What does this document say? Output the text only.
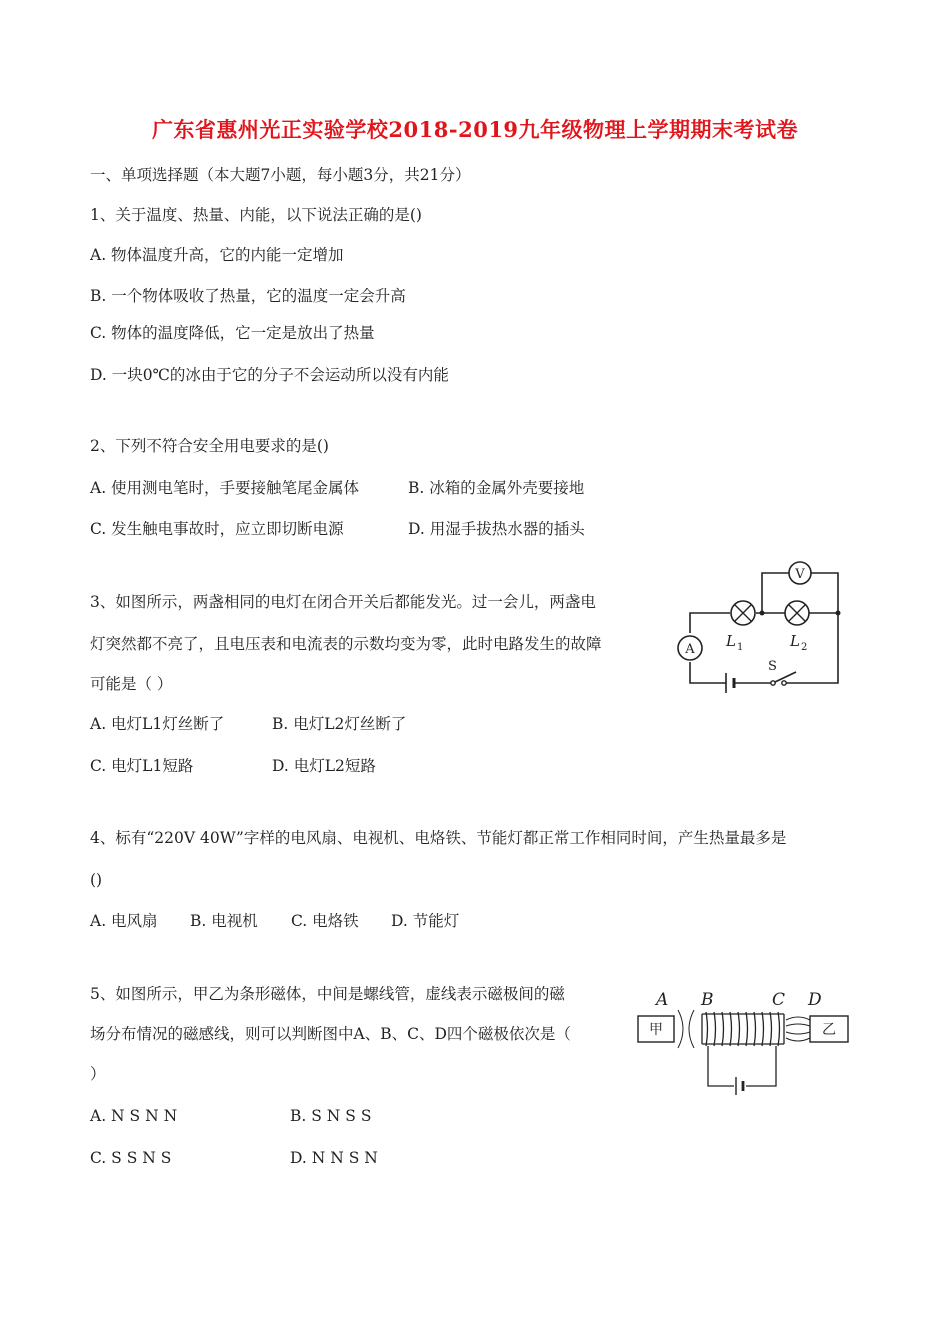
广东省惠州光正实验学校2018-2019九年级物理上学期期末考试卷
一、单项选择题（本大题7小题，每小题3分，共21分）
1、关于温度、热量、内能，以下说法正确的是()
A. 物体温度升高，它的内能一定增加
B. 一个物体吸收了热量，它的温度一定会升高
C. 物体的温度降低，它一定是放出了热量
D. 一块0℃的冰由于它的分子不会运动所以没有内能
2、下列不符合安全用电要求的是()
A. 使用测电笔时，手要接触笔尾金属体	B. 冰箱的金属外壳要接地
C. 发生触电事故时，应立即切断电源	D. 用湿手拔热水器的插头
3、如图所示，两盏相同的电灯在闭合开关后都能发光。过一会儿，两盏电
灯突然都不亮了，且电压表和电流表的示数均变为零，此时电路发生的故障
可能是（ ）
A. 电灯L1灯丝断了	B. 电灯L2灯丝断了
C. 电灯L1短路	D. 电灯L2短路
V
L 1	L 2
A
S
4、标有“220V 40W”字样的电风扇、电视机、电烙铁、节能灯都正常工作相同时间，产生热量最多是
()
A. 电风扇 B. 电视机 C. 电烙铁 D. 节能灯
5、如图所示，甲乙为条形磁体，中间是螺线管，虚线表示磁极间的磁
场分布情况的磁感线，则可以判断图中A、B、C、D四个磁极依次是（
）
A. N S N N	B. S N S S
C. S S N S	D. N N S N
A B	C D
甲	乙
